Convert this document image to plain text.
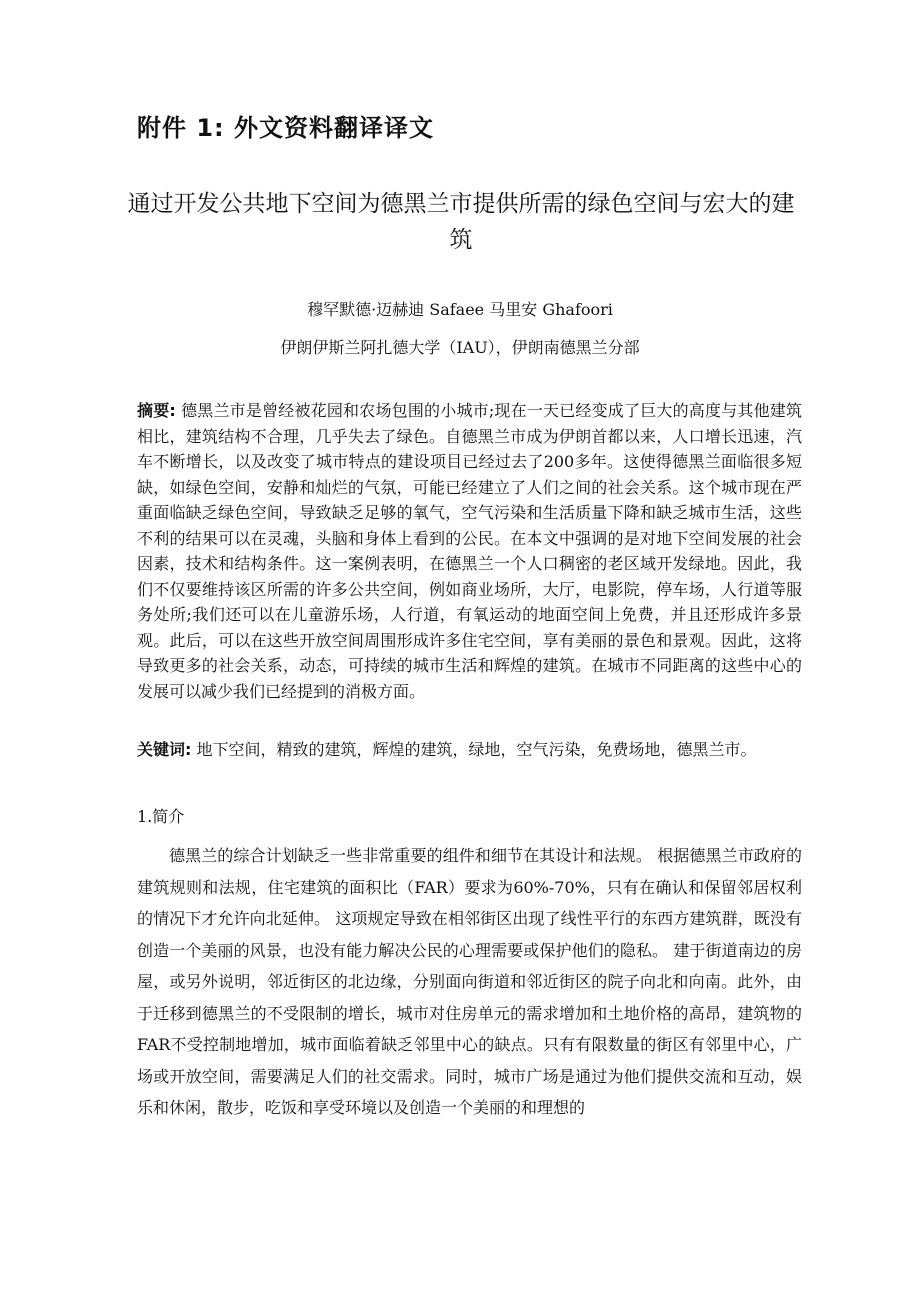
附件 1: 外文资料翻译译文
通过开发公共地下空间为德黑兰市提供所需的绿色空间与宏大的建筑
穆罕默德·迈赫迪 Safaee 马里安 Ghafoori
伊朗伊斯兰阿扎德大学（IAU），伊朗南德黑兰分部
摘要: 德黑兰市是曾经被花园和农场包围的小城市;现在一天已经变成了巨大的高度与其他建筑相比，建筑结构不合理，几乎失去了绿色。自德黑兰市成为伊朗首都以来，人口增长迅速，汽车不断增长，以及改变了城市特点的建设项目已经过去了200多年。这使得德黑兰面临很多短缺，如绿色空间，安静和灿烂的气氛，可能已经建立了人们之间的社会关系。这个城市现在严重面临缺乏绿色空间，导致缺乏足够的氧气，空气污染和生活质量下降和缺乏城市生活，这些不利的结果可以在灵魂，头脑和身体上看到的公民。在本文中强调的是对地下空间发展的社会因素，技术和结构条件。这一案例表明，在德黑兰一个人口稠密的老区域开发绿地。因此，我们不仅要维持该区所需的许多公共空间，例如商业场所，大厅，电影院，停车场，人行道等服务处所;我们还可以在儿童游乐场，人行道，有氧运动的地面空间上免费，并且还形成许多景观。此后，可以在这些开放空间周围形成许多住宅空间，享有美丽的景色和景观。因此，这将导致更多的社会关系，动态，可持续的城市生活和辉煌的建筑。在城市不同距离的这些中心的发展可以减少我们已经提到的消极方面。
关键词: 地下空间，精致的建筑，辉煌的建筑，绿地，空气污染，免费场地，德黑兰市。
1.简介
德黑兰的综合计划缺乏一些非常重要的组件和细节在其设计和法规。 根据德黑兰市政府的建筑规则和法规，住宅建筑的面积比（FAR）要求为60%-70%，只有在确认和保留邻居权利的情况下才允许向北延伸。 这项规定导致在相邻街区出现了线性平行的东西方建筑群，既没有创造一个美丽的风景，也没有能力解决公民的心理需要或保护他们的隐私。 建于街道南边的房屋，或另外说明，邻近街区的北边缘，分别面向街道和邻近街区的院子向北和向南。此外，由于迁移到德黑兰的不受限制的增长，城市对住房单元的需求增加和土地价格的高昂，建筑物的FAR不受控制地增加，城市面临着缺乏邻里中心的缺点。只有有限数量的街区有邻里中心，广场或开放空间，需要满足人们的社交需求。同时，城市广场是通过为他们提供交流和互动，娱乐和休闲，散步，吃饭和享受环境以及创造一个美丽的和理想的
